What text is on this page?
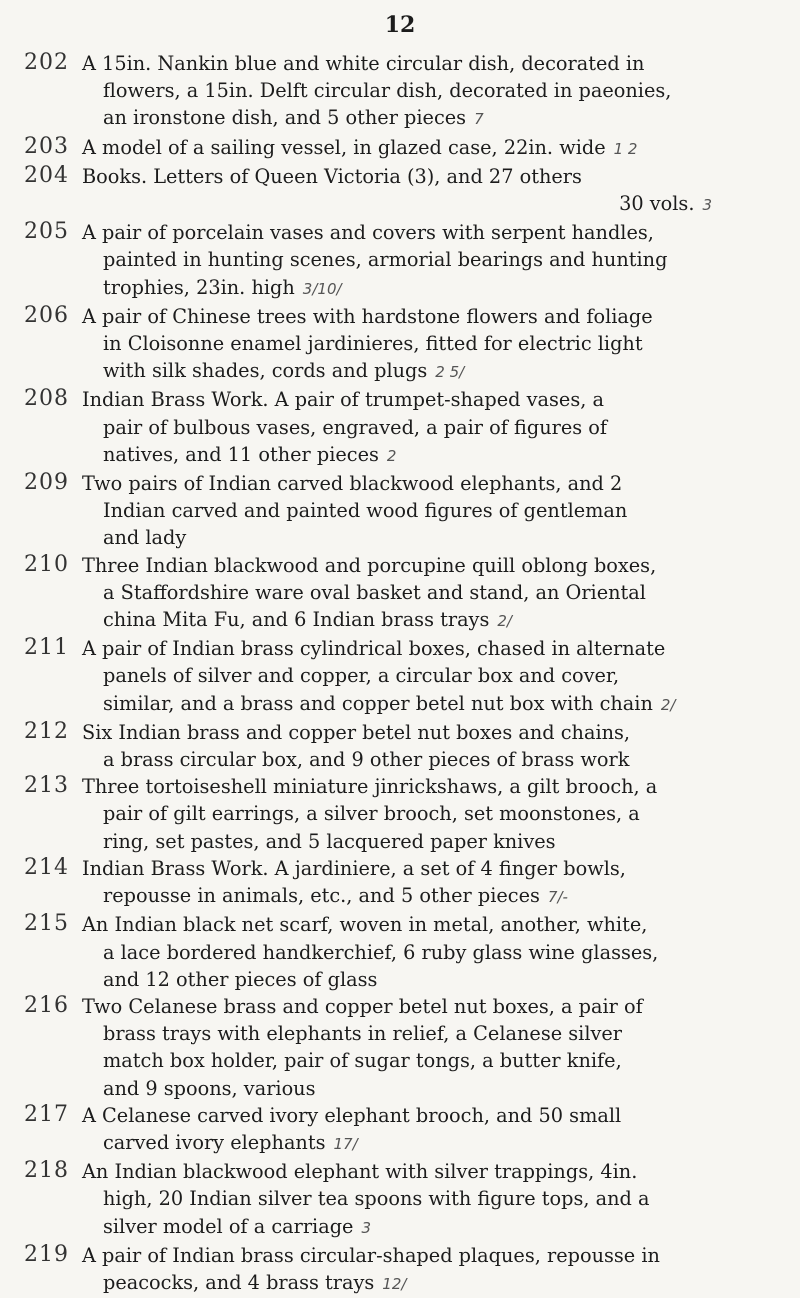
12
202 A 15in. Nankin blue and white circular dish, decorated in
flowers, a 15in. Delft circular dish, decorated in paeonies,
an ironstone dish, and 5 other pieces 7
203 A model of a sailing vessel, in glazed case, 22in. wide 1 2
204 Books. Letters of Queen Victoria (3), and 27 others
30 vols. 3
205 A pair of porcelain vases and covers with serpent handles,
painted in hunting scenes, armorial bearings and hunting
trophies, 23in. high 3/10/
206 A pair of Chinese trees with hardstone flowers and foliage
in Cloisonne enamel jardinieres, fitted for electric light
with silk shades, cords and plugs 2 5/
208 Indian Brass Work. A pair of trumpet-shaped vases, a
pair of bulbous vases, engraved, a pair of figures of
natives, and 11 other pieces 2
209 Two pairs of Indian carved blackwood elephants, and 2
Indian carved and painted wood figures of gentleman
and lady
210 Three Indian blackwood and porcupine quill oblong boxes,
a Staffordshire ware oval basket and stand, an Oriental
china Mita Fu, and 6 Indian brass trays 2/
211 A pair of Indian brass cylindrical boxes, chased in alternate
panels of silver and copper, a circular box and cover,
similar, and a brass and copper betel nut box with chain 2/
212 Six Indian brass and copper betel nut boxes and chains,
a brass circular box, and 9 other pieces of brass work
213 Three tortoiseshell miniature jinrickshaws, a gilt brooch, a
pair of gilt earrings, a silver brooch, set moonstones, a
ring, set pastes, and 5 lacquered paper knives
214 Indian Brass Work. A jardiniere, a set of 4 finger bowls,
repousse in animals, etc., and 5 other pieces 7/-
215 An Indian black net scarf, woven in metal, another, white,
a lace bordered handkerchief, 6 ruby glass wine glasses,
and 12 other pieces of glass
216 Two Celanese brass and copper betel nut boxes, a pair of
brass trays with elephants in relief, a Celanese silver
match box holder, pair of sugar tongs, a butter knife,
and 9 spoons, various
217 A Celanese carved ivory elephant brooch, and 50 small
carved ivory elephants 17/
218 An Indian blackwood elephant with silver trappings, 4in.
high, 20 Indian silver tea spoons with figure tops, and a
silver model of a carriage 3
219 A pair of Indian brass circular-shaped plaques, repousse in
peacocks, and 4 brass trays 12/
